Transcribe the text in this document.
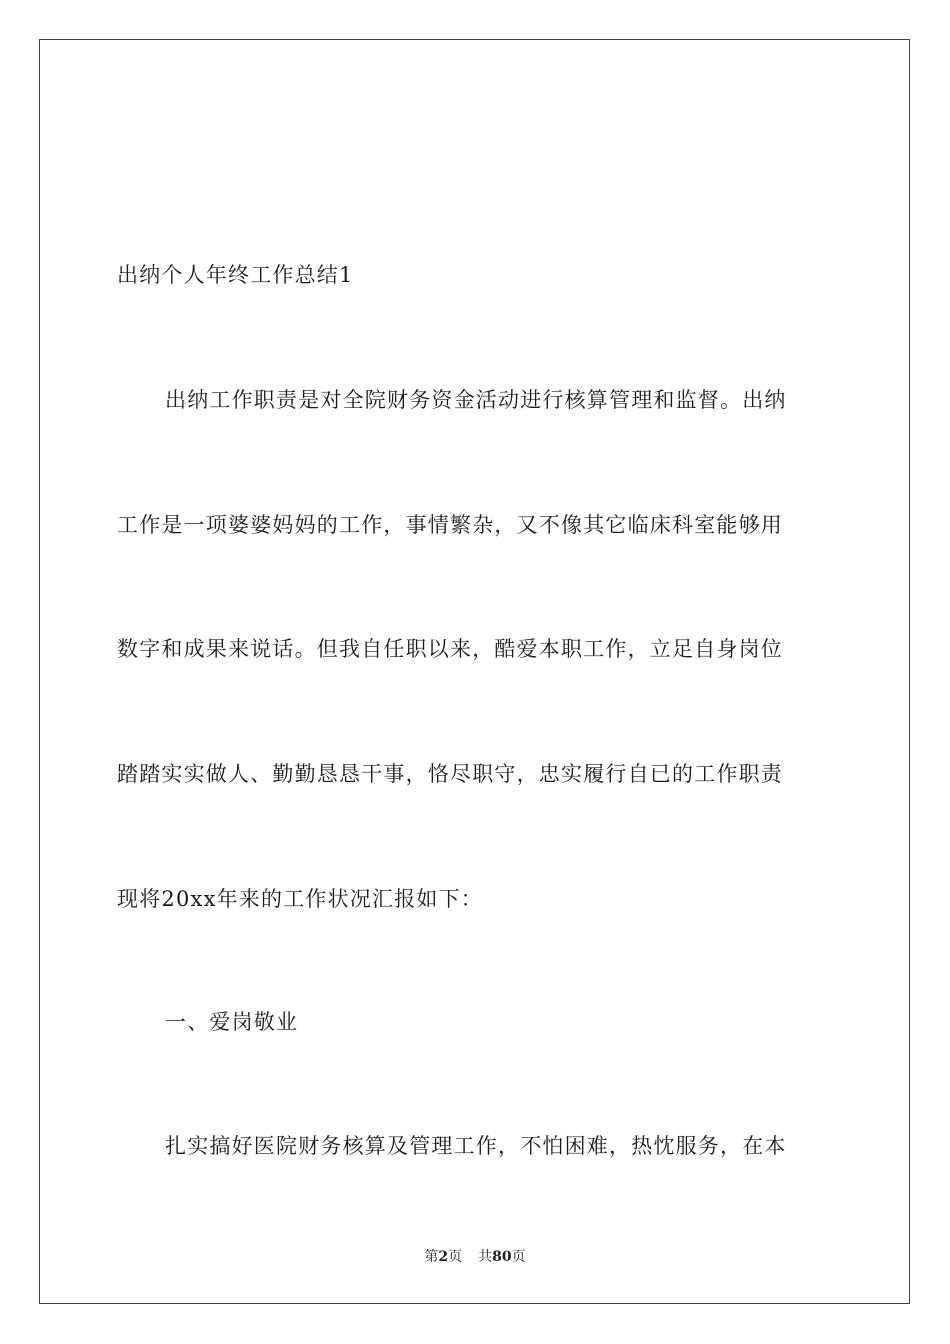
出纳个人年终工作总结1
出纳工作职责是对全院财务资金活动进行核算管理和监督。出纳
工作是一项婆婆妈妈的工作，事情繁杂，又不像其它临床科室能够用
数字和成果来说话。但我自任职以来，酷爱本职工作，立足自身岗位
踏踏实实做人、勤勤恳恳干事，恪尽职守，忠实履行自已的工作职责
现将20xx年来的工作状况汇报如下：
一、爱岗敬业
扎实搞好医院财务核算及管理工作，不怕困难，热忱服务，在本
第2页 共80页
